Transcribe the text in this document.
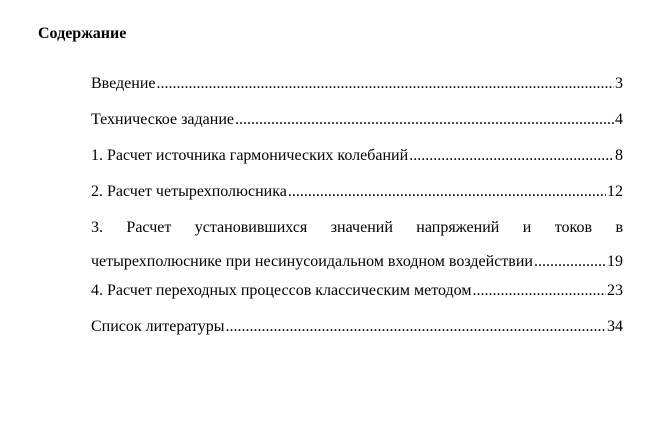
Содержание
Введение .....	3
Техническое задание .....	4
1. Расчет источника гармонических колебаний .....	8
2. Расчет четырехполюсника .....	12
3. Расчет установившихся значений напряжений и токов в
четырехполюснике при несинусоидальном входном воздействии .....	19
4. Расчет переходных процессов классическим методом .....	23
Список литературы .....	34
